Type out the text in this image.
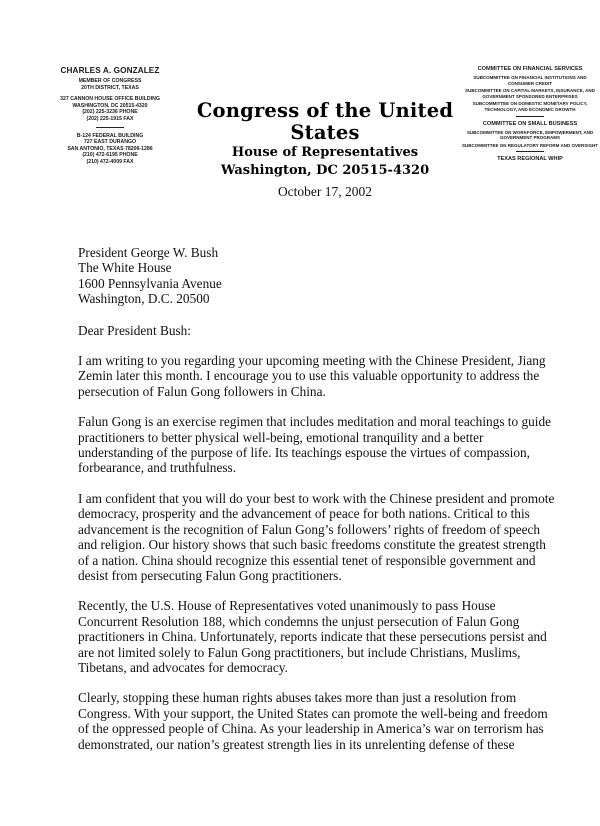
CHARLES A. GONZALEZ
MEMBER OF CONGRESS
20TH DISTRICT, TEXAS
327 CANNON HOUSE OFFICE BUILDING
WASHINGTON, DC 20515-4320
(202) 225-3236 PHONE
(202) 225-1915 FAX
B-124 FEDERAL BUILDING
727 EAST DURANGO
SAN ANTONIO, TEXAS 78206-1286
(210) 472-6195 PHONE
(210) 472-4009 FAX
Congress of the United States
House of Representatives
Washington, DC 20515-4320
COMMITTEE ON FINANCIAL SERVICES
SUBCOMMITTEE ON FINANCIAL INSTITUTIONS AND CONSUMER CREDIT
SUBCOMMITTEE ON CAPITAL MARKETS, INSURANCE, AND GOVERNMENT SPONSORED ENTERPRISES
SUBCOMMITTEE ON DOMESTIC MONETARY POLICY, TECHNOLOGY, AND ECONOMIC GROWTH
COMMITTEE ON SMALL BUSINESS
SUBCOMMITTEE ON WORKFORCE, EMPOWERMENT, AND GOVERNMENT PROGRAMS
SUBCOMMITTEE ON REGULATORY REFORM AND OVERSIGHT
TEXAS REGIONAL WHIP
October 17, 2002
President George W. Bush
The White House
1600 Pennsylvania Avenue
Washington, D.C. 20500
Dear President Bush:
I am writing to you regarding your upcoming meeting with the Chinese President, Jiang
Zemin later this month. I encourage you to use this valuable opportunity to address the
persecution of Falun Gong followers in China.
Falun Gong is an exercise regimen that includes meditation and moral teachings to guide
practitioners to better physical well-being, emotional tranquility and a better
understanding of the purpose of life. Its teachings espouse the virtues of compassion,
forbearance, and truthfulness.
I am confident that you will do your best to work with the Chinese president and promote
democracy, prosperity and the advancement of peace for both nations. Critical to this
advancement is the recognition of Falun Gong’s followers’ rights of freedom of speech
and religion. Our history shows that such basic freedoms constitute the greatest strength
of a nation. China should recognize this essential tenet of responsible government and
desist from persecuting Falun Gong practitioners.
Recently, the U.S. House of Representatives voted unanimously to pass House
Concurrent Resolution 188, which condemns the unjust persecution of Falun Gong
practitioners in China. Unfortunately, reports indicate that these persecutions persist and
are not limited solely to Falun Gong practitioners, but include Christians, Muslims,
Tibetans, and advocates for democracy.
Clearly, stopping these human rights abuses takes more than just a resolution from
Congress. With your support, the United States can promote the well-being and freedom
of the oppressed people of China. As your leadership in America’s war on terrorism has
demonstrated, our nation’s greatest strength lies in its unrelenting defense of these
